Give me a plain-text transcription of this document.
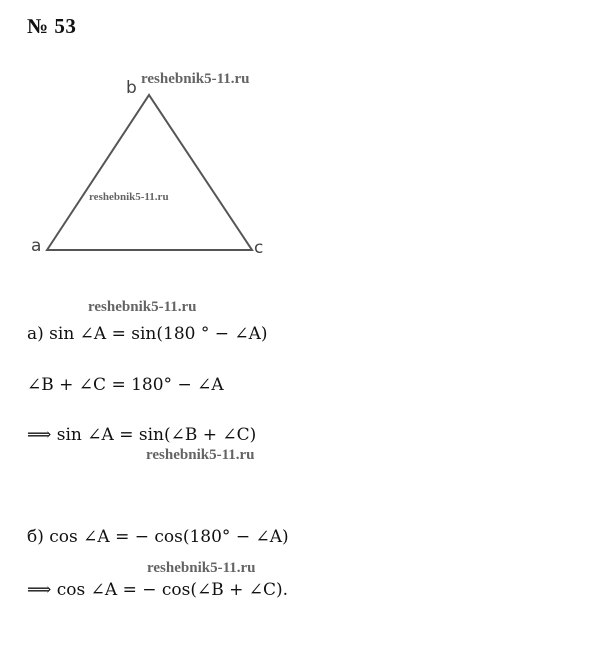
№ 53
b
a	c
reshebnik5-11.ru
reshebnik5-11.ru
reshebnik5-11.ru
reshebnik5-11.ru
reshebnik5-11.ru
а) sin ∠A = sin(180 ° − ∠A)
∠B + ∠C = 180° − ∠A
⟹ sin ∠A = sin(∠B + ∠C)
б) cos ∠A = − cos(180° − ∠A)
⟹ cos ∠A = − cos(∠B + ∠C).
